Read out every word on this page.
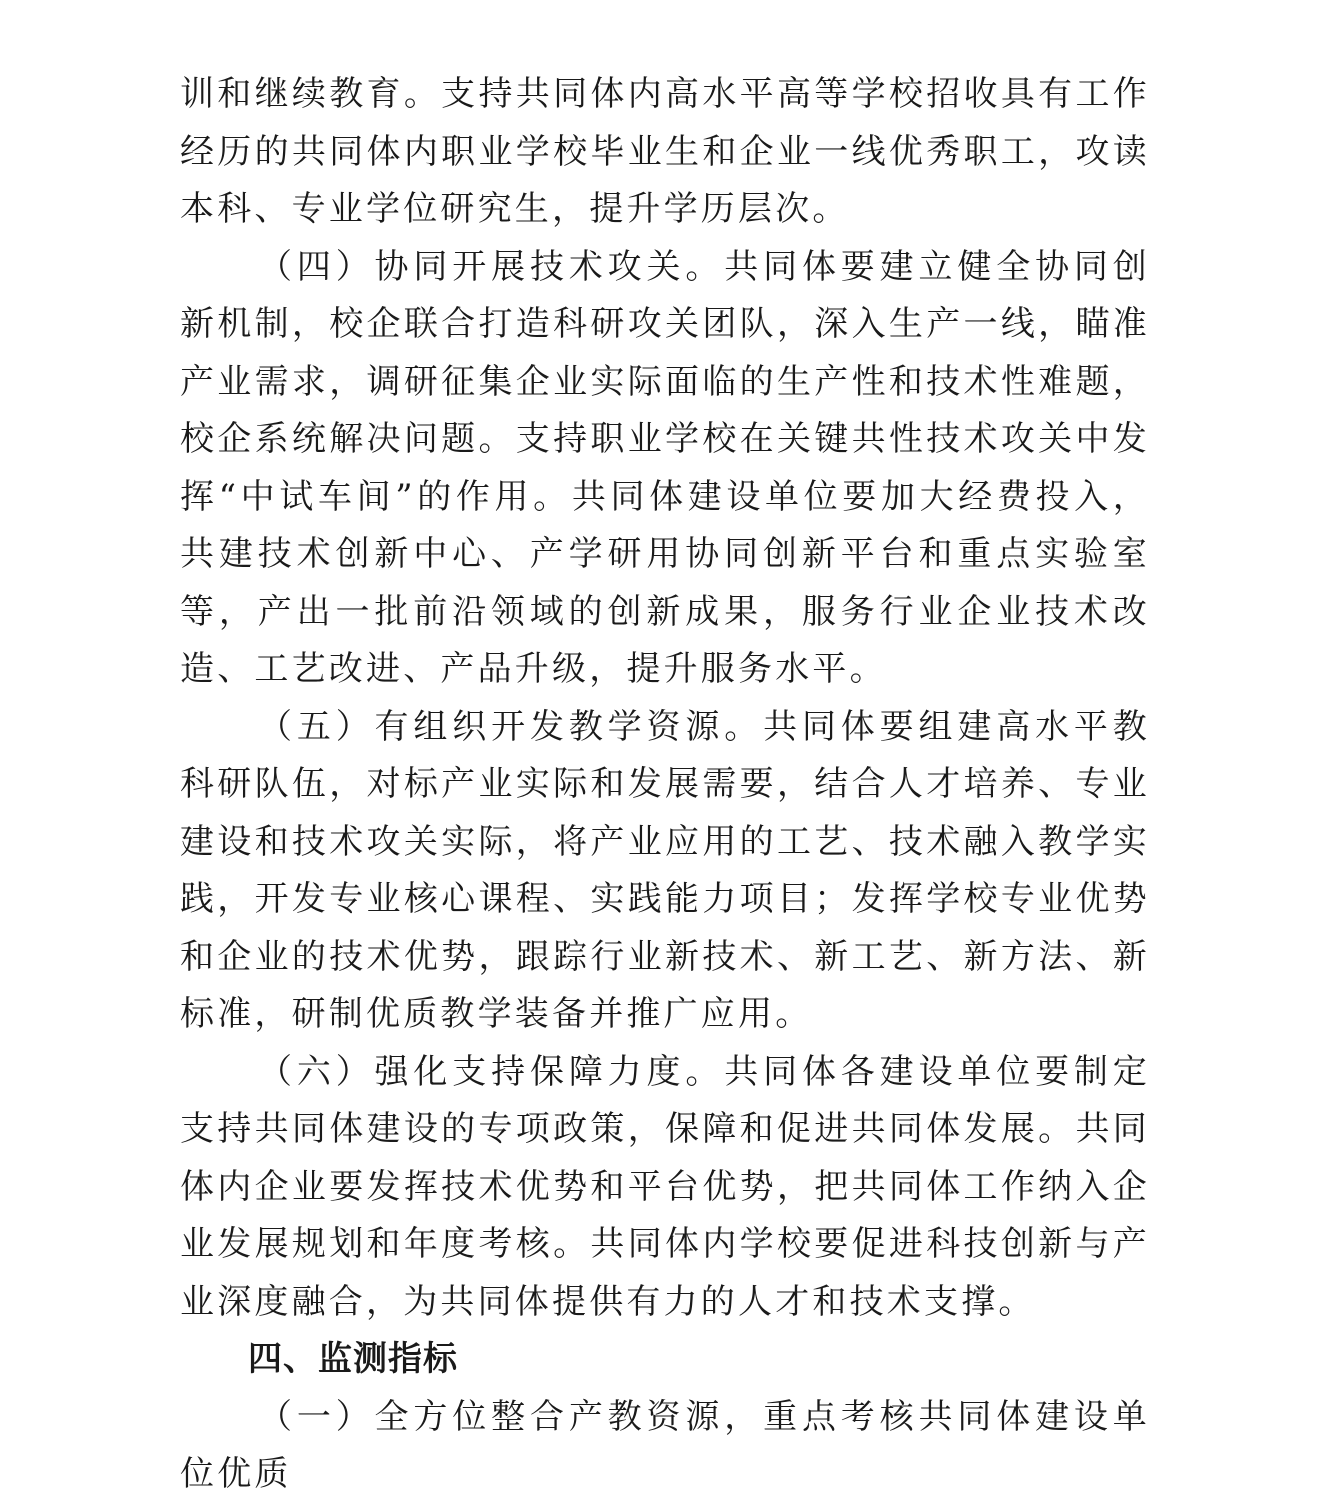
训和继续教育。支持共同体内高水平高等学校招收具有工作经历的共同体内职业学校毕业生和企业一线优秀职工，攻读本科、专业学位研究生，提升学历层次。

（四）协同开展技术攻关。共同体要建立健全协同创新机制，校企联合打造科研攻关团队，深入生产一线，瞄准产业需求，调研征集企业实际面临的生产性和技术性难题，校企系统解决问题。支持职业学校在关键共性技术攻关中发挥“中试车间”的作用。共同体建设单位要加大经费投入，共建技术创新中心、产学研用协同创新平台和重点实验室等，产出一批前沿领域的创新成果，服务行业企业技术改造、工艺改进、产品升级，提升服务水平。

（五）有组织开发教学资源。共同体要组建高水平教科研队伍，对标产业实际和发展需要，结合人才培养、专业建设和技术攻关实际，将产业应用的工艺、技术融入教学实践，开发专业核心课程、实践能力项目；发挥学校专业优势和企业的技术优势，跟踪行业新技术、新工艺、新方法、新标准，研制优质教学装备并推广应用。

（六）强化支持保障力度。共同体各建设单位要制定支持共同体建设的专项政策，保障和促进共同体发展。共同体内企业要发挥技术优势和平台优势，把共同体工作纳入企业发展规划和年度考核。共同体内学校要促进科技创新与产业深度融合，为共同体提供有力的人才和技术支撑。

四、监测指标

（一）全方位整合产教资源，重点考核共同体建设单位优质
